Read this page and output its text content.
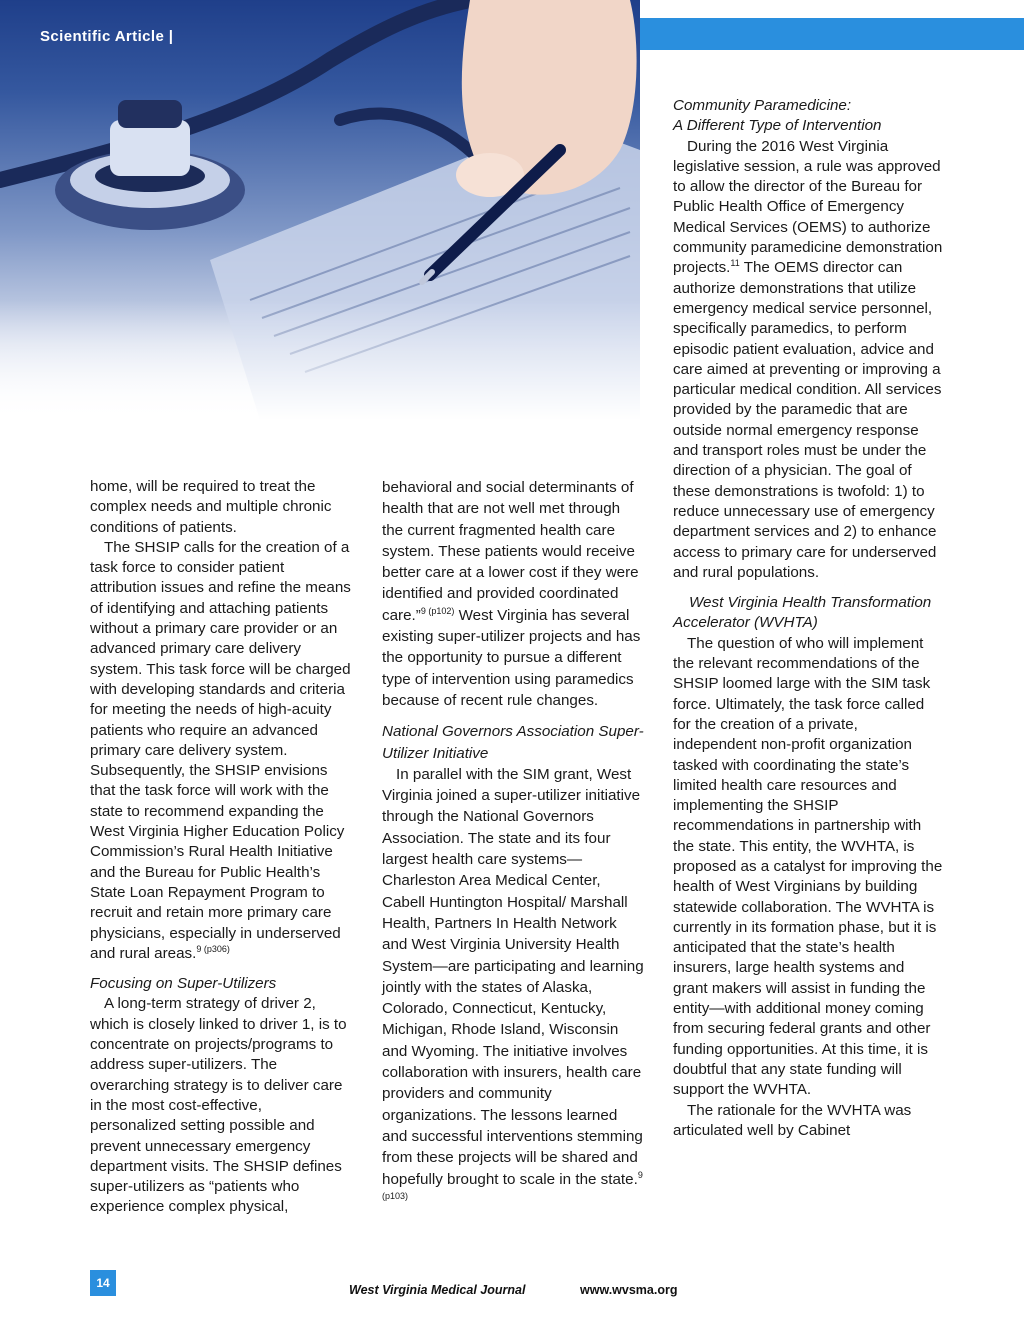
Scientific Article |

home, will be required to treat the complex needs and multiple chronic conditions of patients.

The SHSIP calls for the creation of a task force to consider patient attribution issues and refine the means of identifying and attaching patients without a primary care provider or an advanced primary care delivery system. This task force will be charged with developing standards and criteria for meeting the needs of high-acuity patients who require an advanced primary care delivery system. Subsequently, the SHSIP envisions that the task force will work with the state to recommend expanding the West Virginia Higher Education Policy Commission’s Rural Health Initiative and the Bureau for Public Health’s State Loan Repayment Program to recruit and retain more primary care physicians, especially in underserved and rural areas.$^{9 (p306)}$

Focusing on Super-Utilizers

A long-term strategy of driver 2, which is closely linked to driver 1, is to concentrate on projects/programs to address super-utilizers. The overarching strategy is to deliver care in the most cost-effective, personalized setting possible and prevent unnecessary emergency department visits. The SHSIP defines super-utilizers as “patients who experience complex physical,

behavioral and social determinants of health that are not well met through the current fragmented health care system. These patients would receive better care at a lower cost if they were identified and provided coordinated care.”$^{9 (p102)}$ West Virginia has several existing super-utilizer projects and has the opportunity to pursue a different type of intervention using paramedics because of recent rule changes.

National Governors Association Super-Utilizer Initiative

In parallel with the SIM grant, West Virginia joined a super-utilizer initiative through the National Governors Association. The state and its four largest health care systems—Charleston Area Medical Center, Cabell Huntington Hospital/ Marshall Health, Partners In Health Network and West Virginia University Health System—are participating and learning jointly with the states of Alaska, Colorado, Connecticut, Kentucky, Michigan, Rhode Island, Wisconsin and Wyoming. The initiative involves collaboration with insurers, health care providers and community organizations. The lessons learned and successful interventions stemming from these projects will be shared and hopefully brought to scale in the state.$^{9 (p103)}$

Community Paramedicine:

A Different Type of Intervention

During the 2016 West Virginia legislative session, a rule was approved to allow the director of the Bureau for Public Health Office of Emergency Medical Services (OEMS) to authorize community paramedicine demonstration projects.$^{11}$ The OEMS director can authorize demonstrations that utilize emergency medical service personnel, specifically paramedics, to perform episodic patient evaluation, advice and care aimed at preventing or improving a particular medical condition. All services provided by the paramedic that are outside normal emergency response and transport roles must be under the direction of a physician. The goal of these demonstrations is twofold: 1) to reduce unnecessary use of emergency department services and 2) to enhance access to primary care for underserved and rural populations.

West Virginia Health Transformation Accelerator (WVHTA)

The question of who will implement the relevant recommendations of the SHSIP loomed large with the SIM task force. Ultimately, the task force called for the creation of a private, independent non-profit organization tasked with coordinating the state’s limited health care resources and implementing the SHSIP recommendations in partnership with the state. This entity, the WVHTA, is proposed as a catalyst for improving the health of West Virginians by building statewide collaboration. The WVHTA is currently in its formation phase, but it is anticipated that the state’s health insurers, large health systems and grant makers will assist in funding the entity—with additional money coming from securing federal grants and other funding opportunities. At this time, it is doubtful that any state funding will support the WVHTA.

The rationale for the WVHTA was articulated well by Cabinet

14	West Virginia Medical Journal	www.wvsma.org
